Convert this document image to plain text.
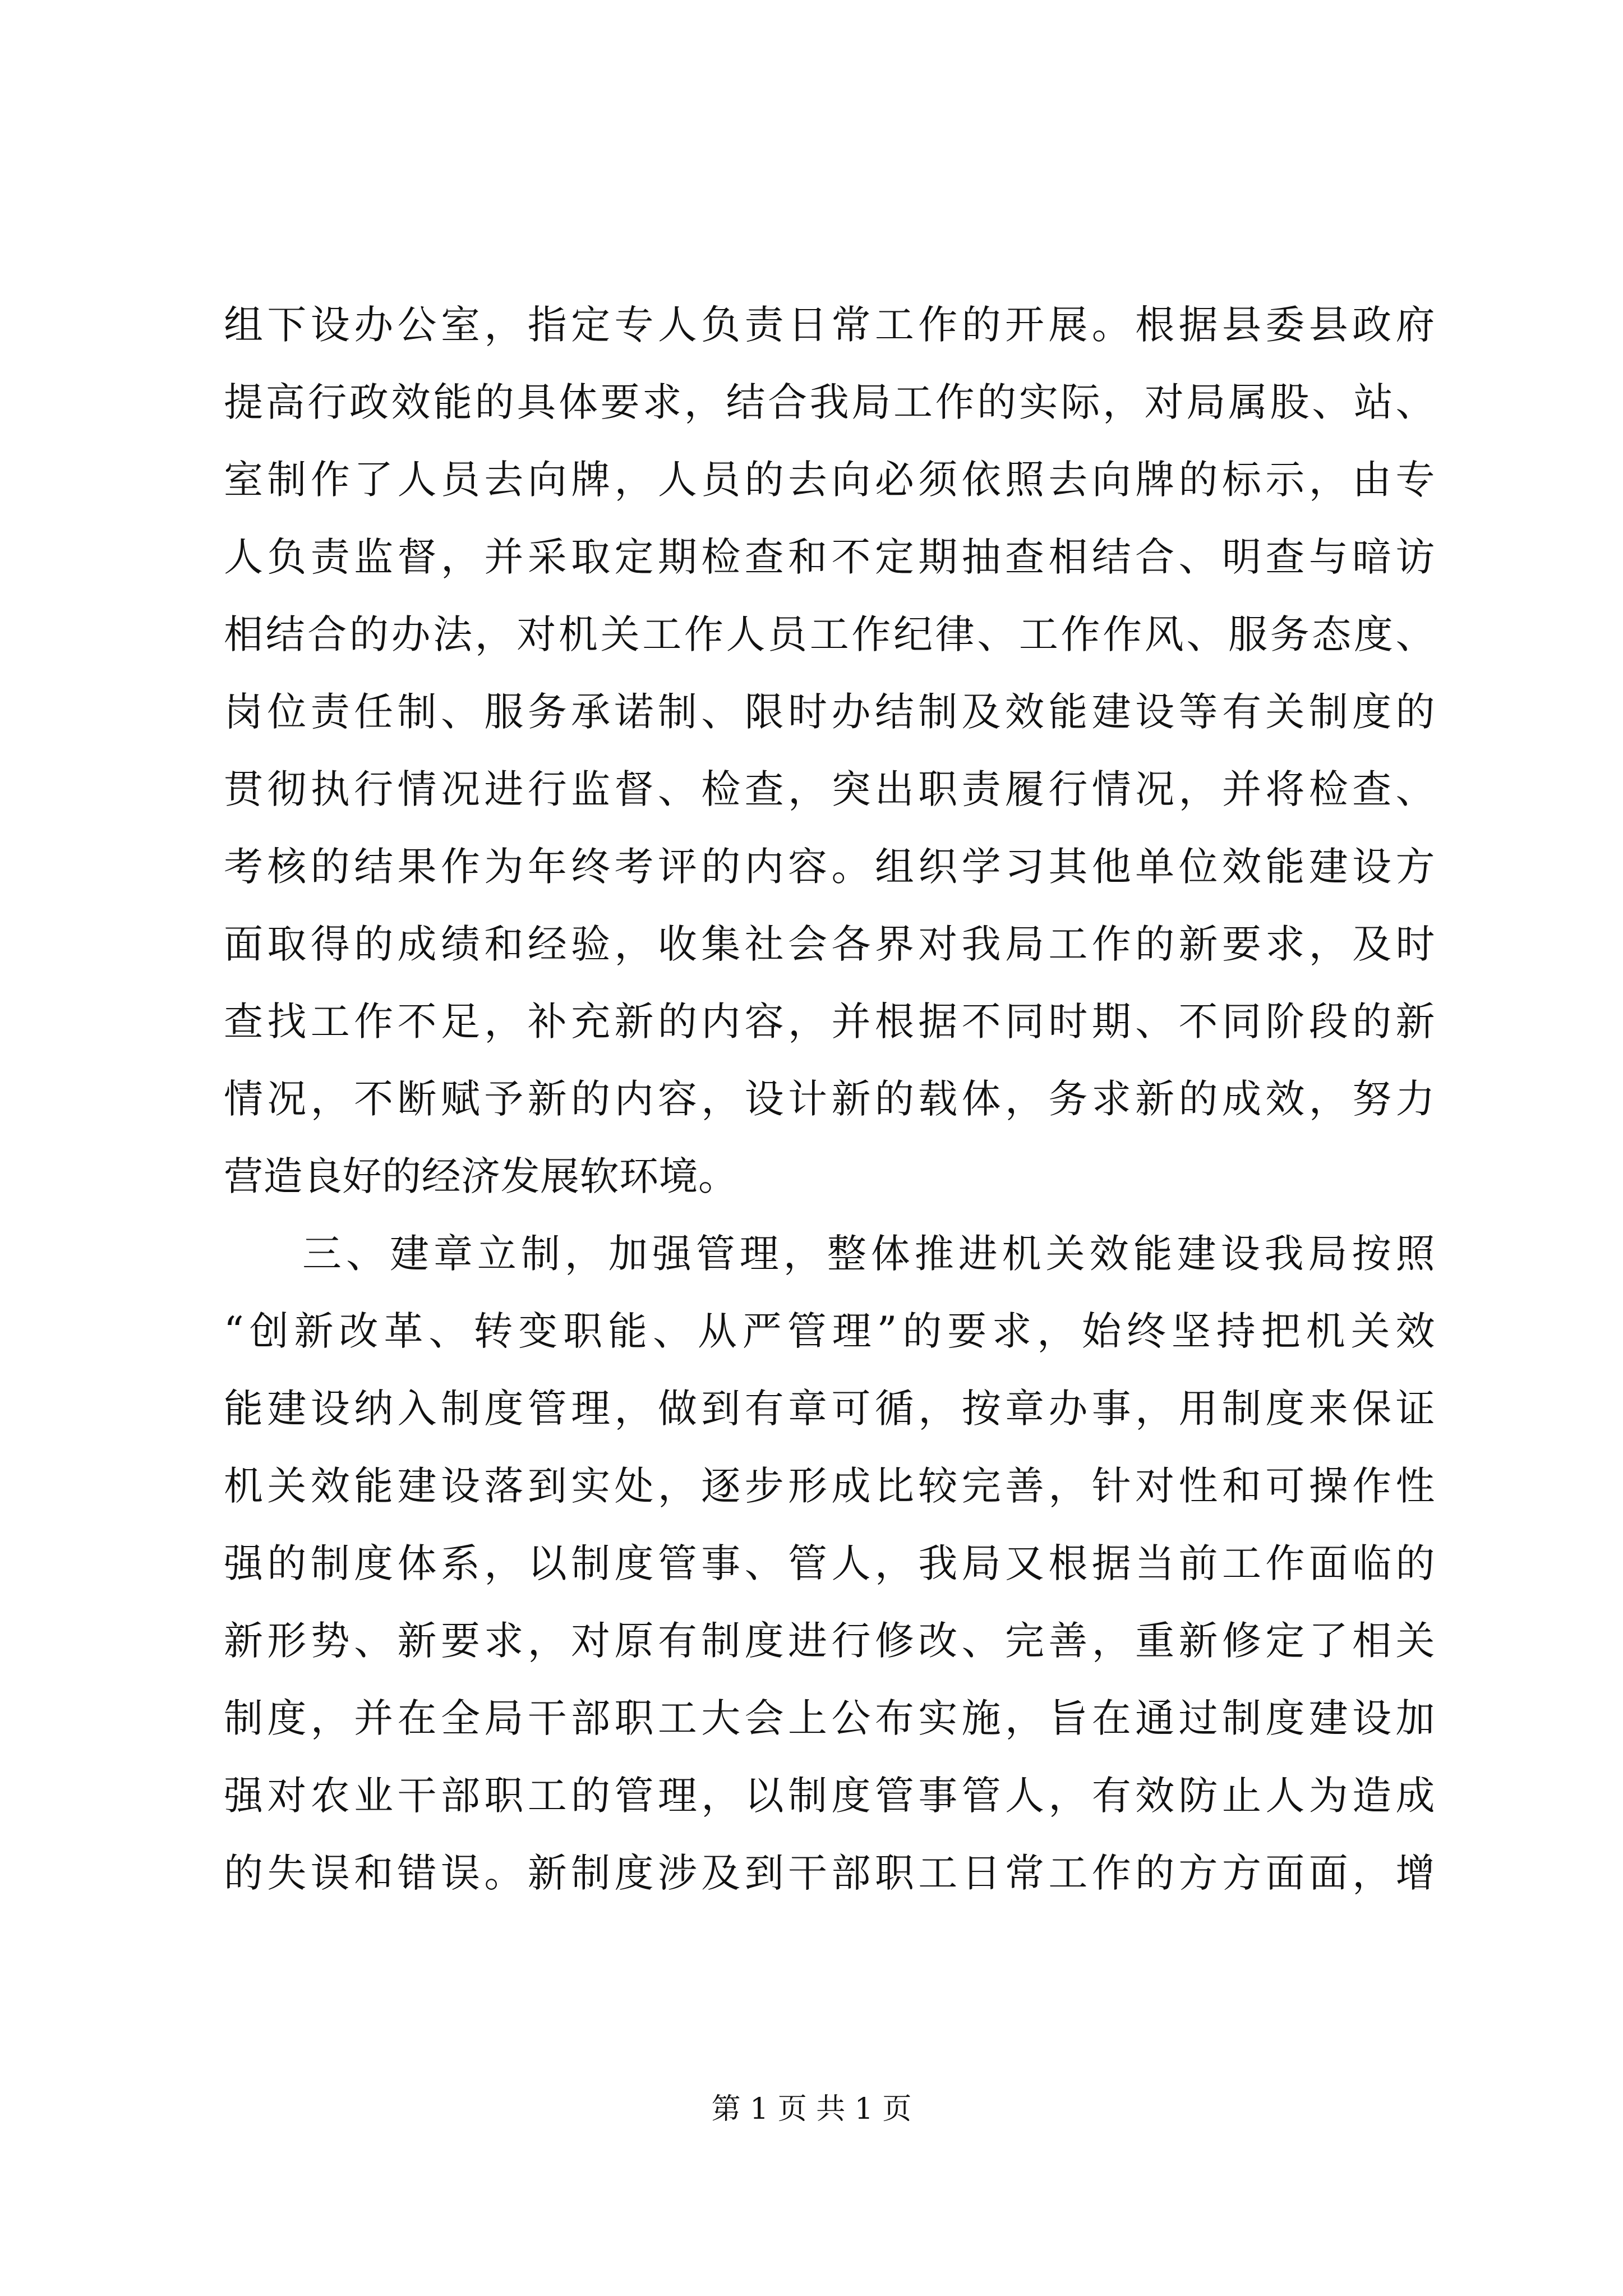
组下设办公室，指定专人负责日常工作的开展。根据县委县政府
提高行政效能的具体要求，结合我局工作的实际，对局属股、站、
室制作了人员去向牌，人员的去向必须依照去向牌的标示，由专
人负责监督，并采取定期检查和不定期抽查相结合、明查与暗访
相结合的办法，对机关工作人员工作纪律、工作作风、服务态度、
岗位责任制、服务承诺制、限时办结制及效能建设等有关制度的
贯彻执行情况进行监督、检查，突出职责履行情况，并将检查、
考核的结果作为年终考评的内容。组织学习其他单位效能建设方
面取得的成绩和经验，收集社会各界对我局工作的新要求，及时
查找工作不足，补充新的内容，并根据不同时期、不同阶段的新
情况，不断赋予新的内容，设计新的载体，务求新的成效，努力
营造良好的经济发展软环境。

三、建章立制，加强管理，整体推进机关效能建设我局按照
“创新改革、转变职能、从严管理”的要求，始终坚持把机关效
能建设纳入制度管理，做到有章可循，按章办事，用制度来保证
机关效能建设落到实处，逐步形成比较完善，针对性和可操作性
强的制度体系，以制度管事、管人，我局又根据当前工作面临的
新形势、新要求，对原有制度进行修改、完善，重新修定了相关
制度，并在全局干部职工大会上公布实施，旨在通过制度建设加
强对农业干部职工的管理，以制度管事管人，有效防止人为造成
的失误和错误。新制度涉及到干部职工日常工作的方方面面，增

第 1 页 共 1 页
